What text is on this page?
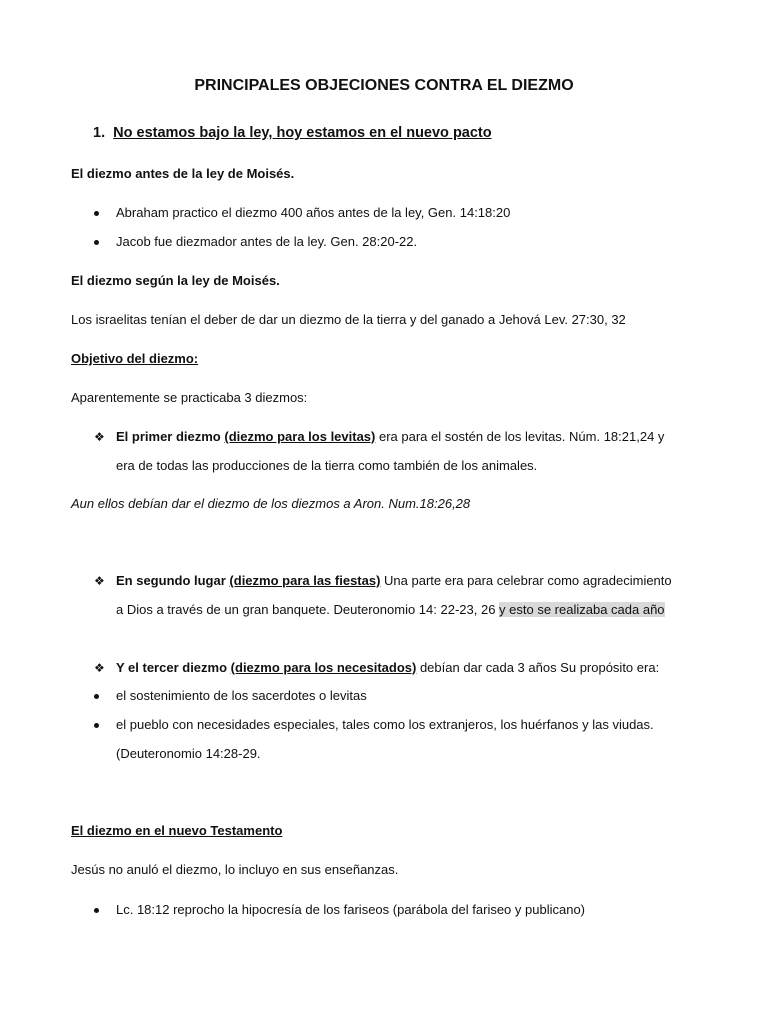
PRINCIPALES OBJECIONES CONTRA EL DIEZMO
1. No estamos bajo la ley, hoy estamos en el nuevo pacto
El diezmo antes de la ley de Moisés.
Abraham practico el diezmo 400 años antes de la ley, Gen. 14:18:20
Jacob fue diezmador antes de la ley. Gen. 28:20-22.
El diezmo según la ley de Moisés.
Los israelitas tenían el deber de dar un diezmo de la tierra y del ganado a Jehová Lev. 27:30, 32
Objetivo del diezmo:
Aparentemente se practicaba 3 diezmos:
❖ El primer diezmo (diezmo para los levitas) era para el sostén de los levitas. Núm. 18:21,24 y
era de todas las producciones de la tierra como también de los animales.
Aun ellos debían dar el diezmo de los diezmos a Aron. Num.18:26,28
❖ En segundo lugar (diezmo para las fiestas) Una parte era para celebrar como agradecimiento
a Dios a través de un gran banquete. Deuteronomio 14: 22-23, 26 y esto se realizaba cada año
❖ Y el tercer diezmo (diezmo para los necesitados) debían dar cada 3 años Su propósito era:
el sostenimiento de los sacerdotes o levitas
el pueblo con necesidades especiales, tales como los extranjeros, los huérfanos y las viudas.
(Deuteronomio 14:28-29.
El diezmo en el nuevo Testamento
Jesús no anuló el diezmo, lo incluyo en sus enseñanzas.
Lc. 18:12 reprocho la hipocresía de los fariseos (parábola del fariseo y publicano)
